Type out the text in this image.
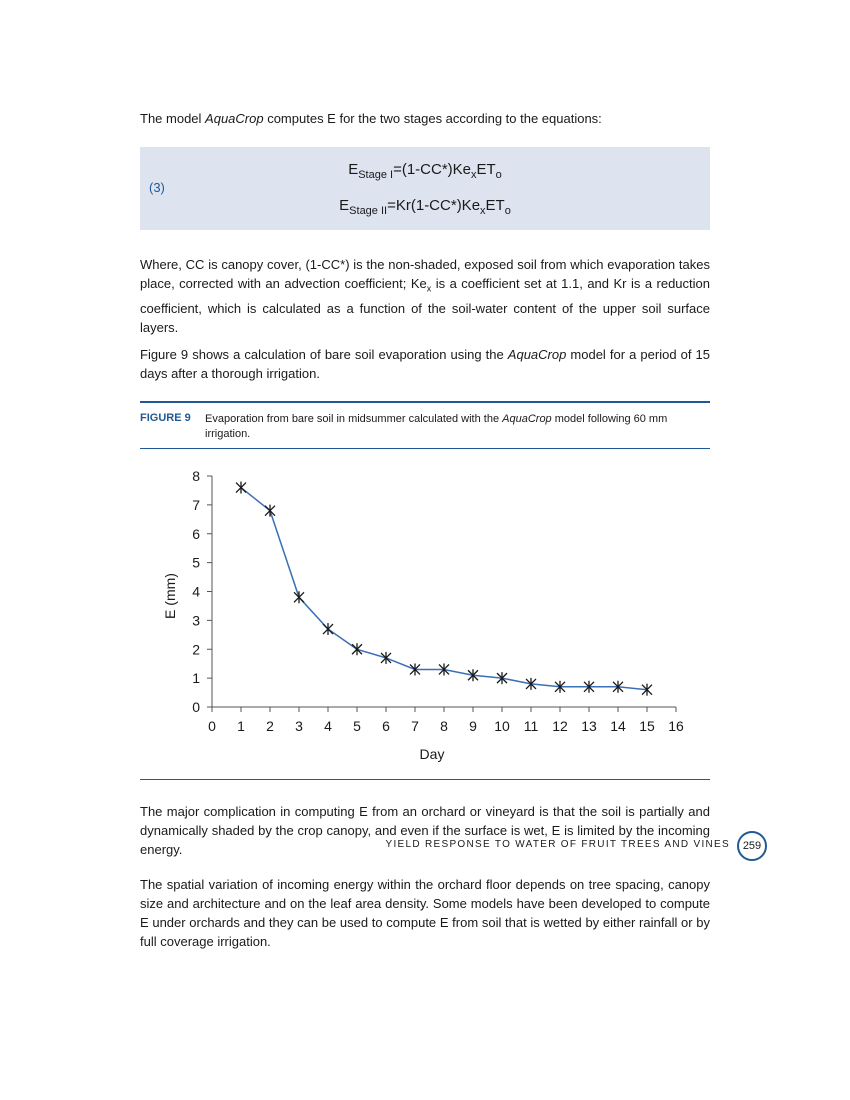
The model AquaCrop computes E for the two stages according to the equations:

(3)
$E_{Stage I}=(1-CC*)Ke_xET_o$
$E_{Stage II}=Kr(1-CC*)Ke_xET_o$

Where, CC is canopy cover, (1-CC*) is the non-shaded, exposed soil from which evaporation takes place, corrected with an advection coefficient; $Ke_x$ is a coefficient set at 1.1, and Kr is a reduction coefficient, which is calculated as a function of the soil-water content of the upper soil surface layers.

Figure 9 shows a calculation of bare soil evaporation using the AquaCrop model for a period of 15 days after a thorough irrigation.

FIGURE 9 Evaporation from bare soil in midsummer calculated with the AquaCrop model following 60 mm irrigation.
0
1
2
3
4
5
6
7
8
0 1 2 3 4 5 6 7 8 9 10 11 12 13 14 15 16
Day
E (mm)

The major complication in computing E from an orchard or vineyard is that the soil is partially and dynamically shaded by the crop canopy, and even if the surface is wet, E is limited by the incoming energy.

The spatial variation of incoming energy within the orchard floor depends on tree spacing, canopy size and architecture and on the leaf area density. Some models have been developed to compute E under orchards and they can be used to compute E from soil that is wetted by either rainfall or by full coverage irrigation.

YIELD RESPONSE TO WATER OF FRUIT TREES AND VINES	259
